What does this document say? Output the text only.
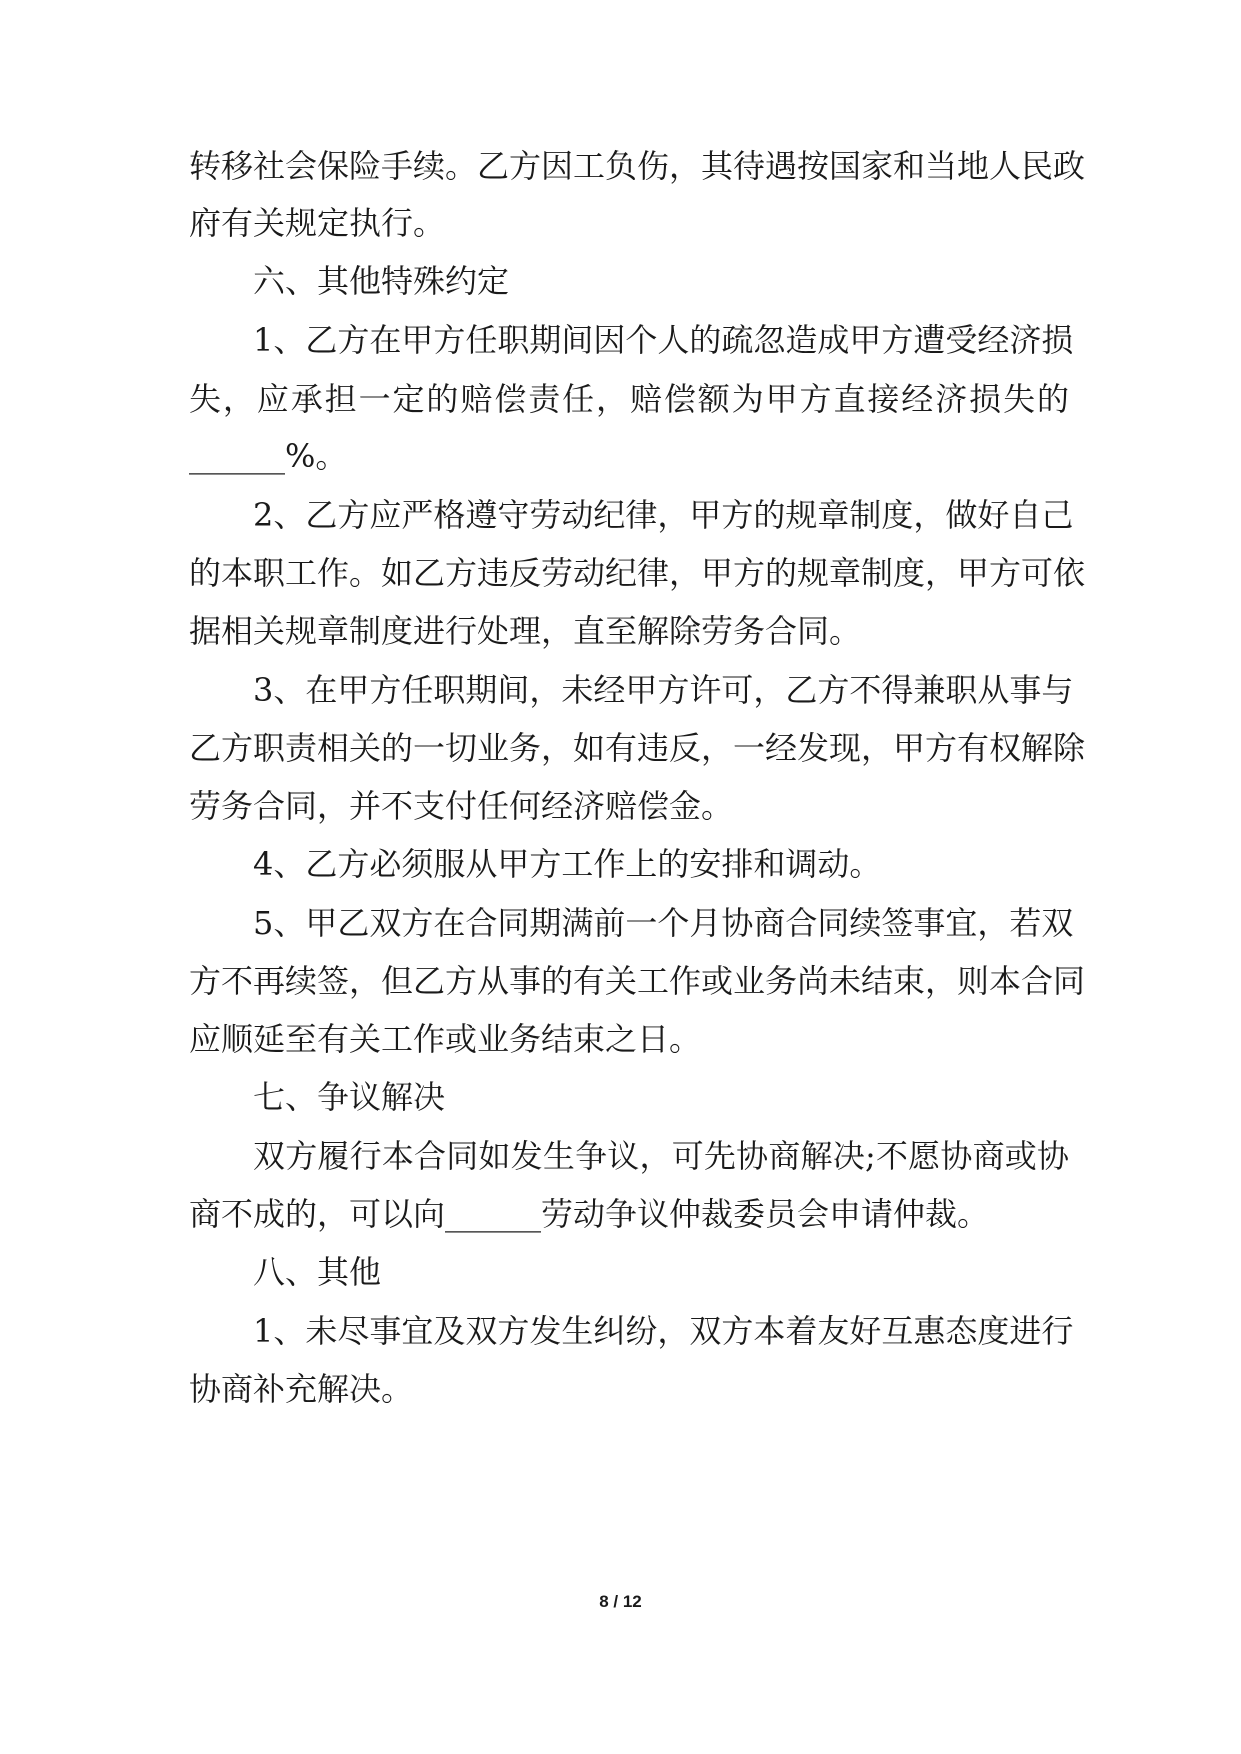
转移社会保险手续。乙方因工负伤，其待遇按国家和当地人民政
府有关规定执行。
六、其他特殊约定
1、乙方在甲方任职期间因个人的疏忽造成甲方遭受经济损
失，应承担一定的赔偿责任，赔偿额为甲方直接经济损失的
______%。
2、乙方应严格遵守劳动纪律，甲方的规章制度，做好自己
的本职工作。如乙方违反劳动纪律，甲方的规章制度，甲方可依
据相关规章制度进行处理，直至解除劳务合同。
3、在甲方任职期间，未经甲方许可，乙方不得兼职从事与
乙方职责相关的一切业务，如有违反，一经发现，甲方有权解除
劳务合同，并不支付任何经济赔偿金。
4、乙方必须服从甲方工作上的安排和调动。
5、甲乙双方在合同期满前一个月协商合同续签事宜，若双
方不再续签，但乙方从事的有关工作或业务尚未结束，则本合同
应顺延至有关工作或业务结束之日。
七、争议解决
双方履行本合同如发生争议，可先协商解决;不愿协商或协
商不成的，可以向______劳动争议仲裁委员会申请仲裁。
八、其他
1、未尽事宜及双方发生纠纷，双方本着友好互惠态度进行
协商补充解决。
8 / 12
